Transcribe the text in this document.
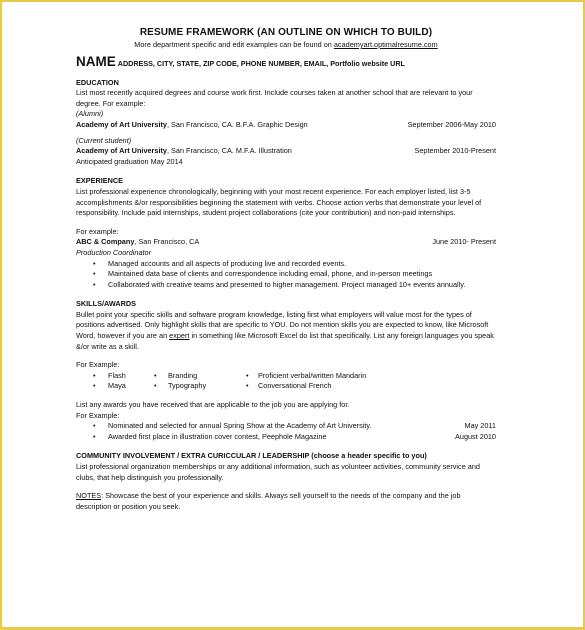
RESUME FRAMEWORK (AN OUTLINE ON WHICH TO BUILD)
More department specific and edit examples can be found on academyart.optimalresume.com
NAME ADDRESS, CITY, STATE, ZIP CODE, PHONE NUMBER, EMAIL, Portfolio website URL
EDUCATION
List most recently acquired degrees and course work first. Include courses taken at another school that are relevant to your degree. For example:
(Alumni)
Academy of Art University, San Francisco, CA. B.F.A. Graphic Design	September 2006-May 2010
(Current student)
Academy of Art University, San Francisco, CA. M.F.A. Illustration	September 2010-Present
Anticipated graduation May 2014
EXPERIENCE
List professional experience chronologically, beginning with your most recent experience. For each employer listed, list 3-5 accomplishments &/or responsibilities beginning the statement with verbs. Choose action verbs that demonstrate your level of responsibility. Include paid internships, student project collaborations (cite your contribution) and non-paid internships.
For example:
ABC & Company, San Francisco, CA	June 2010- Present
Production Coordinator
• Managed accounts and all aspects of producing live and recorded events.
• Maintained data base of clients and correspondence including email, phone, and in-person meetings
• Collaborated with creative teams and presented to higher management. Project managed 10+ events annually.
SKILLS/AWARDS
Bullet point your specific skills and software program knowledge, listing first what employers will value most for the types of positions advertised. Only highlight skills that are specific to YOU. Do not mention skills you are expected to know, like Microsoft Word, however if you are an expert in something like Microsoft Excel do list that specifically. List any foreign languages you speak &/or write as a skill.
For Example:
• Flash	• Branding	• Proficient verbal/written Mandarin
• Maya	• Typography	• Conversational French
List any awards you have received that are applicable to the job you are applying for.
For Example:
• Nominated and selected for annual Spring Show at the Academy of Art University.	May 2011
• Awarded first place in illustration cover contest, Peephole Magazine	August 2010
COMMUNITY INVOLVEMENT / EXTRA CURICCULAR / LEADERSHIP (choose a header specific to you)
List professional organization memberships or any additional information, such as volunteer activities, community service and clubs, that help distinguish you professionally.
NOTES: Showcase the best of your experience and skills. Always sell yourself to the needs of the company and the job description or position you seek.
